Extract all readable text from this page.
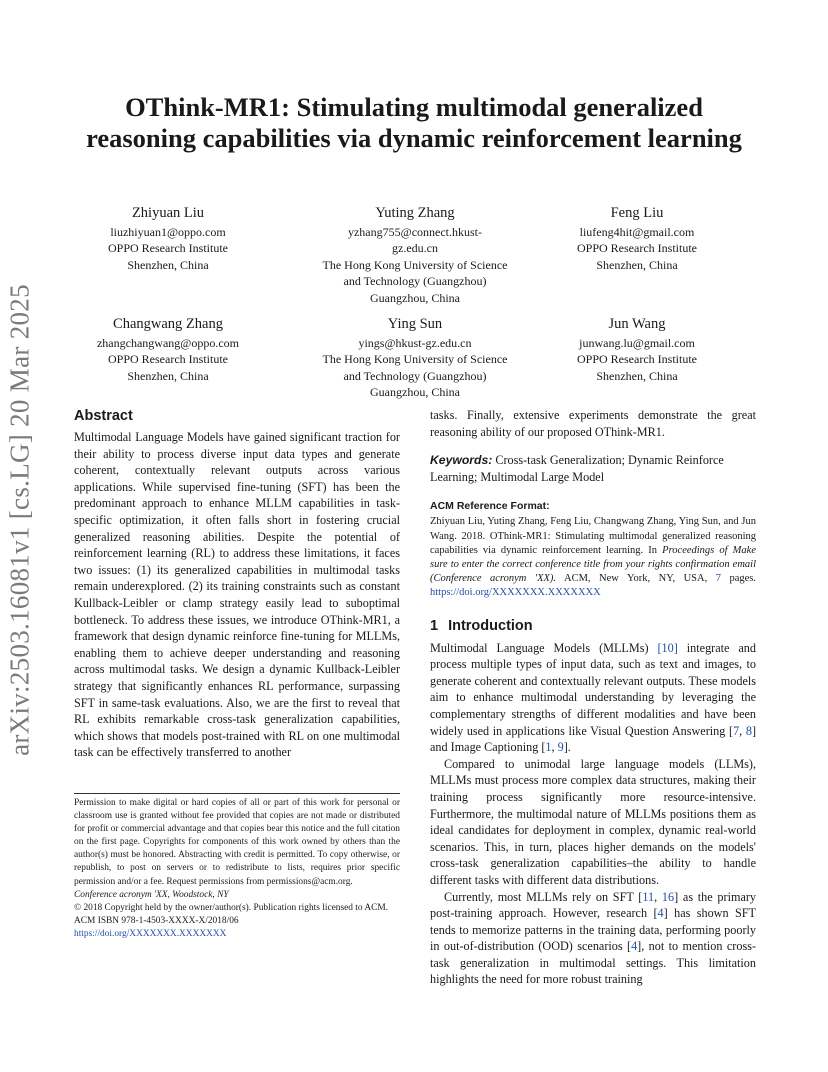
arXiv:2503.16081v1 [cs.LG] 20 Mar 2025
OThink-MR1: Stimulating multimodal generalized reasoning capabilities via dynamic reinforcement learning
Zhiyuan Liu
liuzhiyuan1@oppo.com
OPPO Research Institute
Shenzhen, China
Yuting Zhang
yzhang755@connect.hkust-
gz.edu.cn
The Hong Kong University of Science
and Technology (Guangzhou)
Guangzhou, China
Feng Liu
liufeng4hit@gmail.com
OPPO Research Institute
Shenzhen, China
Changwang Zhang
zhangchangwang@oppo.com
OPPO Research Institute
Shenzhen, China
Ying Sun
yings@hkust-gz.edu.cn
The Hong Kong University of Science
and Technology (Guangzhou)
Guangzhou, China
Jun Wang
junwang.lu@gmail.com
OPPO Research Institute
Shenzhen, China
Abstract

Multimodal Language Models have gained significant traction for their ability to process diverse input data types and generate coherent, contextually relevant outputs across various applications. While supervised fine-tuning (SFT) has been the predominant approach to enhance MLLM capabilities in task-specific optimization, it often falls short in fostering crucial generalized reasoning abilities. Despite the potential of reinforcement learning (RL) to address these limitations, it faces two issues: (1) its generalized capabilities in multimodal tasks remain underexplored. (2) its training constraints such as constant Kullback-Leibler or clamp strategy easily lead to suboptimal bottleneck. To address these issues, we introduce OThink-MR1, a framework that design dynamic reinforce fine-tuning for MLLMs, enabling them to achieve deeper understanding and reasoning across multimodal tasks. We design a dynamic Kullback-Leibler strategy that significantly enhances RL performance, surpassing SFT in same-task evaluations. Also, we are the first to reveal that RL exhibits remarkable cross-task generalization capabilities, which shows that models post-trained with RL on one multimodal task can be effectively transferred to another

Permission to make digital or hard copies of all or part of this work for personal or classroom use is granted without fee provided that copies are not made or distributed for profit or commercial advantage and that copies bear this notice and the full citation on the first page. Copyrights for components of this work owned by others than the author(s) must be honored. Abstracting with credit is permitted. To copy otherwise, or republish, to post on servers or to redistribute to lists, requires prior specific permission and/or a fee. Request permissions from permissions@acm.org.

Conference acronym 'XX, Woodstock, NY

© 2018 Copyright held by the owner/author(s). Publication rights licensed to ACM.

ACM ISBN 978-1-4503-XXXX-X/2018/06

https://doi.org/XXXXXXX.XXXXXXX

tasks. Finally, extensive experiments demonstrate the great reasoning ability of our proposed OThink-MR1.

Keywords: Cross-task Generalization; Dynamic Reinforce Learning; Multimodal Large Model

ACM Reference Format:

Zhiyuan Liu, Yuting Zhang, Feng Liu, Changwang Zhang, Ying Sun, and Jun Wang. 2018. OThink-MR1: Stimulating multimodal generalized reasoning capabilities via dynamic reinforcement learning. In Proceedings of Make sure to enter the correct conference title from your rights confirmation email (Conference acronym 'XX). ACM, New York, NY, USA, 7 pages. https://doi.org/XXXXXXX.XXXXXXX

1 Introduction

Multimodal Language Models (MLLMs) [10] integrate and process multiple types of input data, such as text and images, to generate coherent and contextually relevant outputs. These models aim to enhance multimodal understanding by leveraging the complementary strengths of different modalities and have been widely used in applications like Visual Question Answering [7, 8] and Image Captioning [1, 9].

Compared to unimodal large language models (LLMs), MLLMs must process more complex data structures, making their training process significantly more resource-intensive. Furthermore, the multimodal nature of MLLMs positions them as ideal candidates for deployment in complex, dynamic real-world scenarios. This, in turn, places higher demands on the models' cross-task generalization capabilities–the ability to handle different tasks with different data distributions.

Currently, most MLLMs rely on SFT [11, 16] as the primary post-training approach. However, research [4] has shown SFT tends to memorize patterns in the training data, performing poorly in out-of-distribution (OOD) scenarios [4], not to mention cross-task generalization in multimodal settings. This limitation highlights the need for more robust training
